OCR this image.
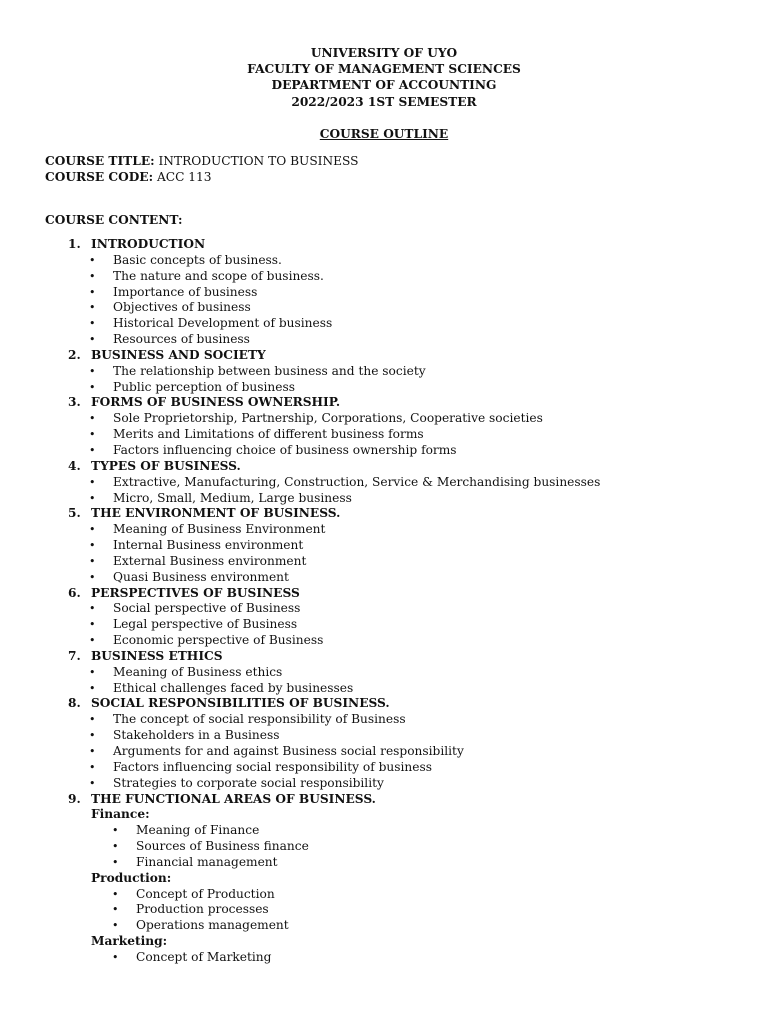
UNIVERSITY OF UYO
FACULTY OF MANAGEMENT SCIENCES
DEPARTMENT OF ACCOUNTING
2022/2023 1ST SEMESTER
COURSE OUTLINE
COURSE TITLE: INTRODUCTION TO BUSINESS
COURSE CODE: ACC 113
COURSE CONTENT:
1. INTRODUCTION
• Basic concepts of business.
• The nature and scope of business.
• Importance of business
• Objectives of business
• Historical Development of business
• Resources of business
2. BUSINESS AND SOCIETY
• The relationship between business and the society
• Public perception of business
3. FORMS OF BUSINESS OWNERSHIP.
• Sole Proprietorship, Partnership, Corporations, Cooperative societies
• Merits and Limitations of different business forms
• Factors influencing choice of business ownership forms
4. TYPES OF BUSINESS.
• Extractive, Manufacturing, Construction, Service & Merchandising businesses
• Micro, Small, Medium, Large business
5. THE ENVIRONMENT OF BUSINESS.
• Meaning of Business Environment
• Internal Business environment
• External Business environment
• Quasi Business environment
6. PERSPECTIVES OF BUSINESS
• Social perspective of Business
• Legal perspective of Business
• Economic perspective of Business
7. BUSINESS ETHICS
• Meaning of Business ethics
• Ethical challenges faced by businesses
8. SOCIAL RESPONSIBILITIES OF BUSINESS.
• The concept of social responsibility of Business
• Stakeholders in a Business
• Arguments for and against Business social responsibility
• Factors influencing social responsibility of business
• Strategies to corporate social responsibility
9. THE FUNCTIONAL AREAS OF BUSINESS.
Finance:
• Meaning of Finance
• Sources of Business finance
• Financial management
Production:
• Concept of Production
• Production processes
• Operations management
Marketing:
• Concept of Marketing
